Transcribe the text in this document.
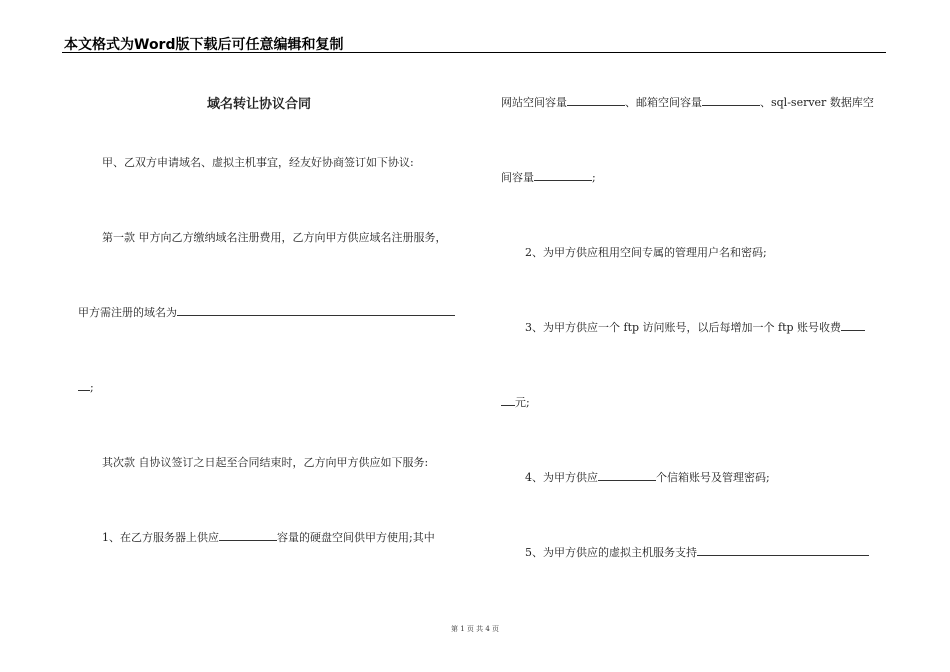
本文格式为Word版下载后可任意编辑和复制
域名转让协议合同
甲、乙双方申请域名、虚拟主机事宜，经友好协商签订如下协议:
第一款 甲方向乙方缴纳域名注册费用，乙方向甲方供应域名注册服务，
甲方需注册的域名为
;
其次款 自协议签订之日起至合同结束时，乙方向甲方供应如下服务:
1、在乙方服务器上供应	容量的硬盘空间供甲方使用;其中
网站空间容量	、邮箱空间容量	、sql-server 数据库空
间容量	;
2、为甲方供应租用空间专属的管理用户名和密码;
3、为甲方供应一个 ftp 访问账号，以后每增加一个 ftp 账号收费
元;
4、为甲方供应	个信箱账号及管理密码;
5、为甲方供应的虚拟主机服务支持
第 1 页 共 4 页
